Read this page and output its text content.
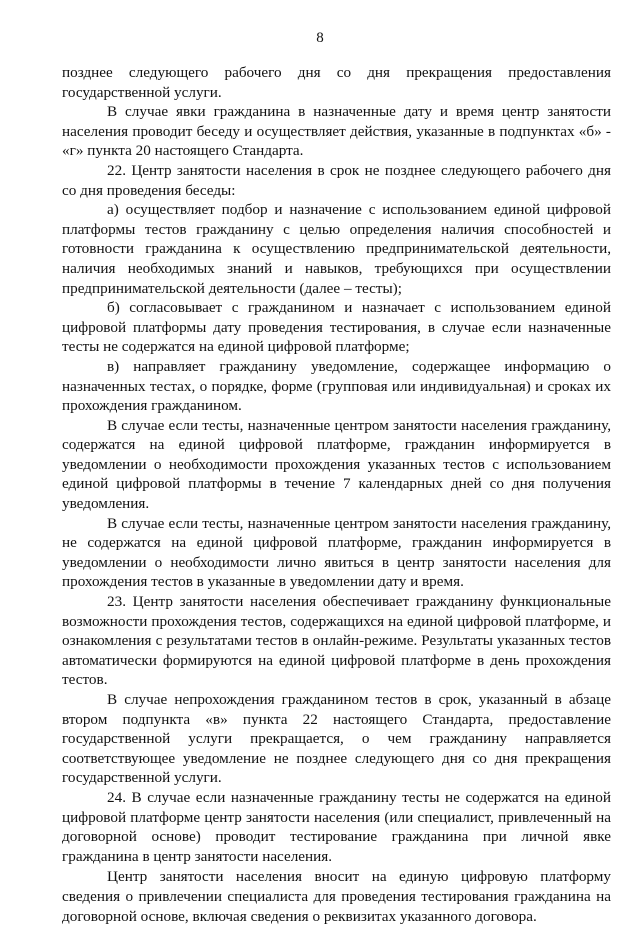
8

позднее следующего рабочего дня со дня прекращения предоставления государственной услуги.

В случае явки гражданина в назначенные дату и время центр занятости населения проводит беседу и осуществляет действия, указанные в подпунктах «б» - «г» пункта 20 настоящего Стандарта.

22. Центр занятости населения в срок не позднее следующего рабочего дня со дня проведения беседы:

а) осуществляет подбор и назначение с использованием единой цифровой платформы тестов гражданину с целью определения наличия способностей и готовности гражданина к осуществлению предпринимательской деятельности, наличия необходимых знаний и навыков, требующихся при осуществлении предпринимательской деятельности (далее – тесты);

б) согласовывает с гражданином и назначает с использованием единой цифровой платформы дату проведения тестирования, в случае если назначенные тесты не содержатся на единой цифровой платформе;

в) направляет гражданину уведомление, содержащее информацию о назначенных тестах, о порядке, форме (групповая или индивидуальная) и сроках их прохождения гражданином.

В случае если тесты, назначенные центром занятости населения гражданину, содержатся на единой цифровой платформе, гражданин информируется в уведомлении о необходимости прохождения указанных тестов с использованием единой цифровой платформы в течение 7 календарных дней со дня получения уведомления.

В случае если тесты, назначенные центром занятости населения гражданину, не содержатся на единой цифровой платформе, гражданин информируется в уведомлении о необходимости лично явиться в центр занятости населения для прохождения тестов в указанные в уведомлении дату и время.

23. Центр занятости населения обеспечивает гражданину функциональные возможности прохождения тестов, содержащихся на единой цифровой платформе, и ознакомления с результатами тестов в онлайн-режиме. Результаты указанных тестов автоматически формируются на единой цифровой платформе в день прохождения тестов.

В случае непрохождения гражданином тестов в срок, указанный в абзаце втором подпункта «в» пункта 22 настоящего Стандарта, предоставление государственной услуги прекращается, о чем гражданину направляется соответствующее уведомление не позднее следующего дня со дня прекращения государственной услуги.

24. В случае если назначенные гражданину тесты не содержатся на единой цифровой платформе центр занятости населения (или специалист, привлеченный на договорной основе) проводит тестирование гражданина при личной явке гражданина в центр занятости населения.

Центр занятости населения вносит на единую цифровую платформу сведения о привлечении специалиста для проведения тестирования гражданина на договорной основе, включая сведения о реквизитах указанного договора.
